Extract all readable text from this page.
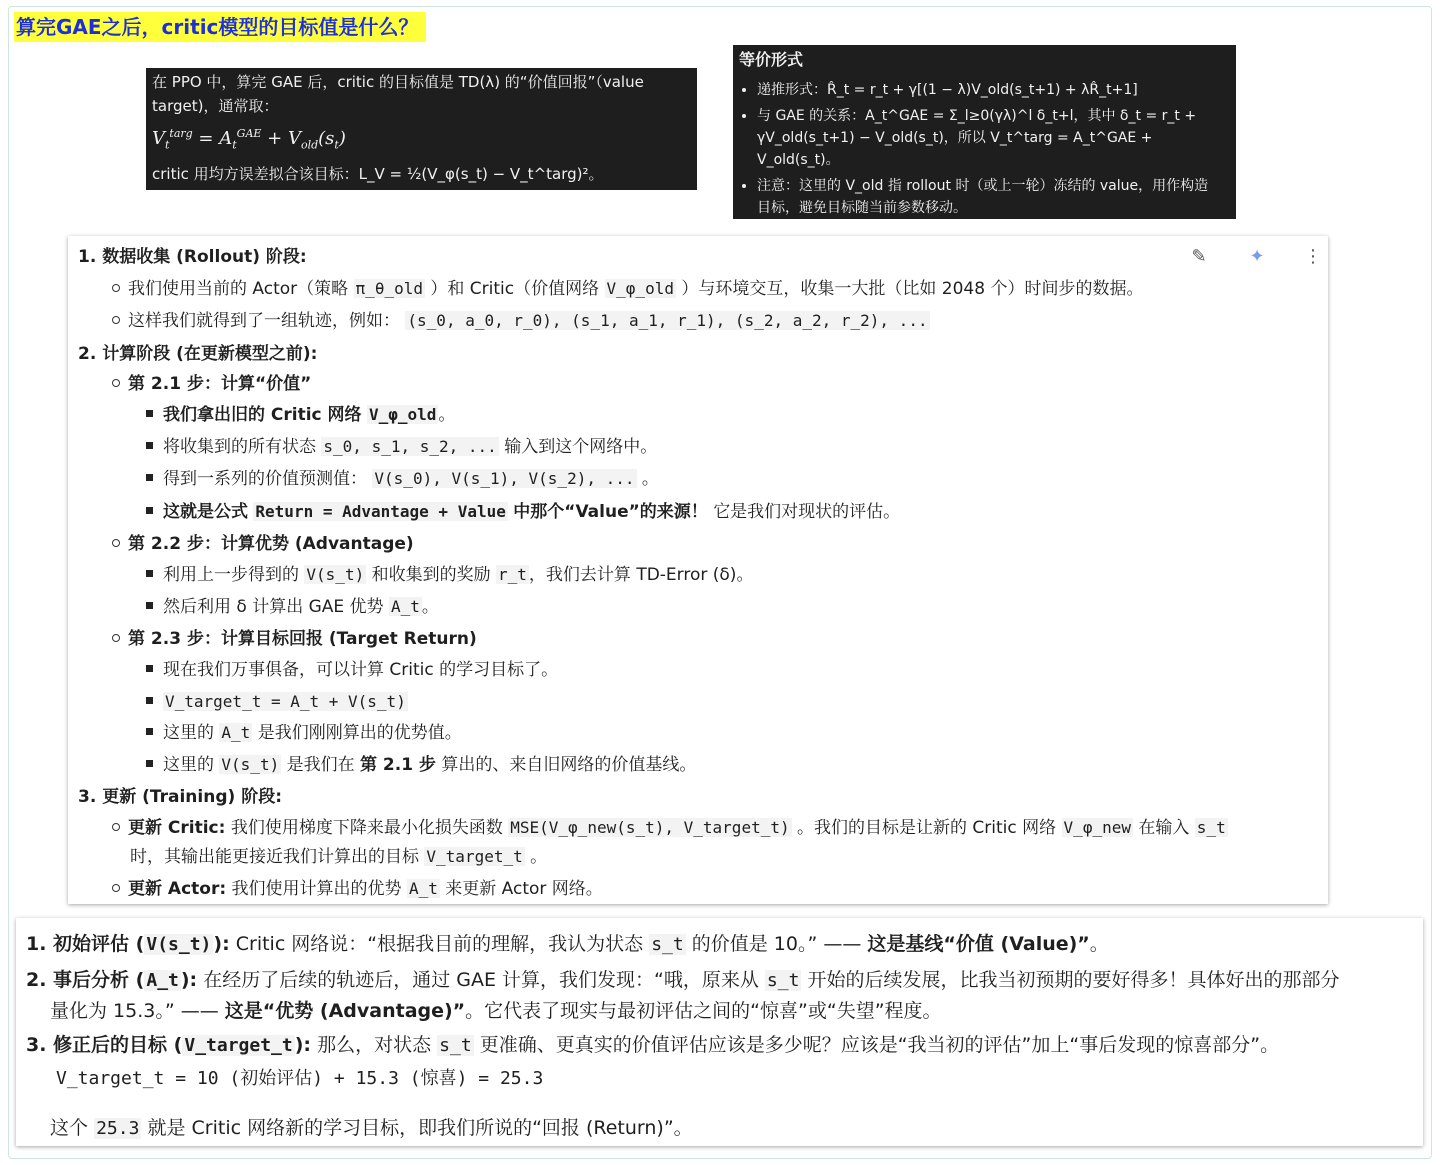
算完GAE之后，critic模型的目标值是什么？
在 PPO 中，算完 GAE 后，critic 的目标值是 TD(λ) 的“价值回报”（value
target)，通常取：
$V_t^{targ} = A_t^{GAE} + V_{old}(s_t)$
critic 用均方误差拟合该目标：L_V = ½(V_φ(s_t) − V_t^targ)²。
等价形式
• 递推形式：R̂_t = r_t + γ[(1 − λ)V_old(s_t+1) + λR̂_t+1]
• 与 GAE 的关系：A_t^GAE = Σ_l≥0(γλ)^l δ_t+l，其中 δ_t = r_t +
γV_old(s_t+1) − V_old(s_t)，所以 V_t^targ = A_t^GAE + V_old(s_t)。
• 注意：这里的 V_old 指 rollout 时（或上一轮）冻结的 value，用作构造
目标，避免目标随当前参数移动。
✎	✦	⋮
1. 数据收集 (Rollout) 阶段:
我们使用当前的 Actor（策略 π_θ_old ）和 Critic（价值网络 V_φ_old ）与环境交互，收集一大批（比如 2048 个）时间步的数据。
这样我们就得到了一组轨迹，例如： (s_0, a_0, r_0), (s_1, a_1, r_1), (s_2, a_2, r_2), ...
2. 计算阶段 (在更新模型之前):
第 2.1 步：计算“价值”
我们拿出旧的 Critic 网络 V_φ_old 。
将收集到的所有状态 s_0, s_1, s_2, ... 输入到这个网络中。
得到一系列的价值预测值： V(s_0), V(s_1), V(s_2), ... 。
这就是公式 Return = Advantage + Value 中那个“Value”的来源！ 它是我们对现状的评估。
第 2.2 步：计算优势 (Advantage)
利用上一步得到的 V(s_t) 和收集到的奖励 r_t ，我们去计算 TD-Error (δ)。
然后利用 δ 计算出 GAE 优势 A_t 。
第 2.3 步：计算目标回报 (Target Return)
现在我们万事俱备，可以计算 Critic 的学习目标了。
V_target_t = A_t + V(s_t)
这里的 A_t 是我们刚刚算出的优势值。
这里的 V(s_t) 是我们在 第 2.1 步 算出的、来自旧网络的价值基线。
3. 更新 (Training) 阶段:
更新 Critic: 我们使用梯度下降来最小化损失函数 MSE(V_φ_new(s_t), V_target_t) 。我们的目标是让新的 Critic 网络 V_φ_new 在输入 s_t
时，其输出能更接近我们计算出的目标 V_target_t 。
更新 Actor: 我们使用计算出的优势 A_t 来更新 Actor 网络。
1. 初始评估 ( V(s_t) ): Critic 网络说：“根据我目前的理解，我认为状态 s_t 的价值是 10。” —— 这是基线“价值 (Value)”。
2. 事后分析 ( A_t ): 在经历了后续的轨迹后，通过 GAE 计算，我们发现：“哦，原来从 s_t 开始的后续发展，比我当初预期的要好得多！具体好出的那部分
量化为 15.3。” —— 这是“优势 (Advantage)”。它代表了现实与最初评估之间的“惊喜”或“失望”程度。
3. 修正后的目标 ( V_target_t ): 那么，对状态 s_t 更准确、更真实的价值评估应该是多少呢？应该是“我当初的评估”加上“事后发现的惊喜部分”。
V_target_t = 10 (初始评估) + 15.3 (惊喜) = 25.3
这个 25.3 就是 Critic 网络新的学习目标，即我们所说的“回报 (Return)”。
